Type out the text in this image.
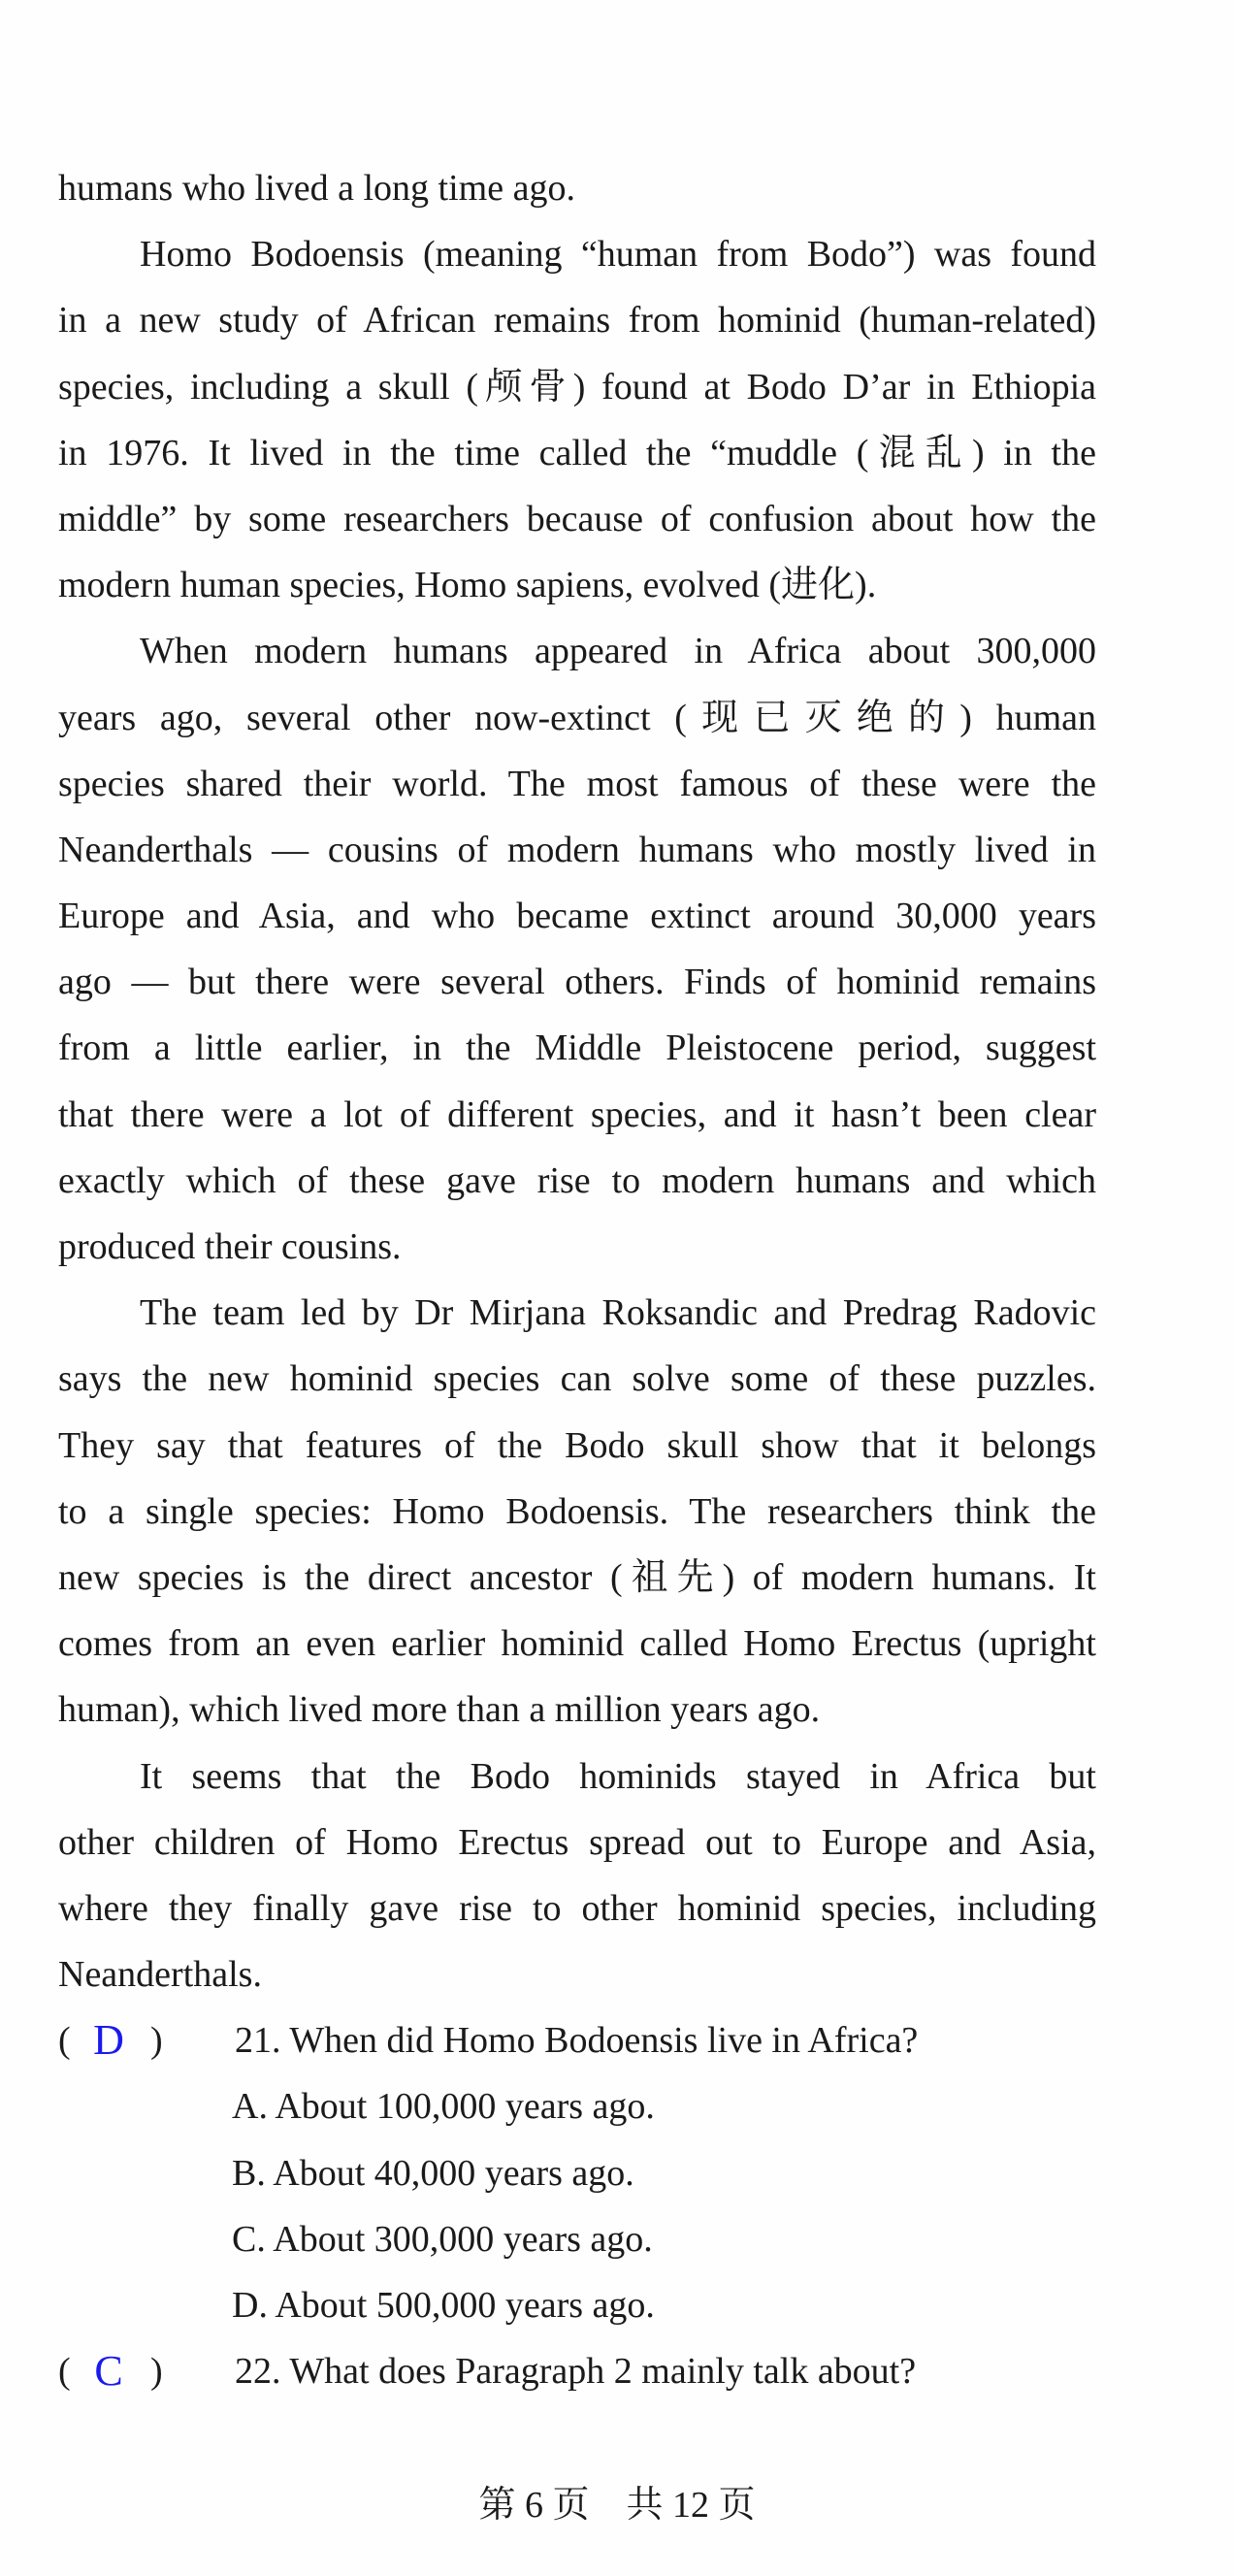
humans who lived a long time ago.
Homo Bodoensis (meaning “human from Bodo”) was found
in a new study of African remains from hominid (human-related)
species, including a skull (颅骨) found at Bodo D’ar in Ethiopia
in 1976. It lived in the time called the “muddle (混乱) in the
middle” by some researchers because of confusion about how the
modern human species, Homo sapiens, evolved (进化).
When modern humans appeared in Africa about 300,000
years ago, several other now-extinct (现已灭绝的) human
species shared their world. The most famous of these were the
Neanderthals — cousins of modern humans who mostly lived in
Europe and Asia, and who became extinct around 30,000 years
ago — but there were several others. Finds of hominid remains
from a little earlier, in the Middle Pleistocene period, suggest
that there were a lot of different species, and it hasn’t been clear
exactly which of these gave rise to modern humans and which
produced their cousins.
The team led by Dr Mirjana Roksandic and Predrag Radovic
says the new hominid species can solve some of these puzzles.
They say that features of the Bodo skull show that it belongs
to a single species: Homo Bodoensis. The researchers think the
new species is the direct ancestor (祖先) of modern humans. It
comes from an even earlier hominid called Homo Erectus (upright
human), which lived more than a million years ago.
It seems that the Bodo hominids stayed in Africa but
other children of Homo Erectus spread out to Europe and Asia,
where they finally gave rise to other hominid species, including
Neanderthals.
( D ) 21. When did Homo Bodoensis live in Africa?
A. About 100,000 years ago.
B. About 40,000 years ago.
C. About 300,000 years ago.
D. About 500,000 years ago.
( C ) 22. What does Paragraph 2 mainly talk about?
第 6 页　共 12 页
